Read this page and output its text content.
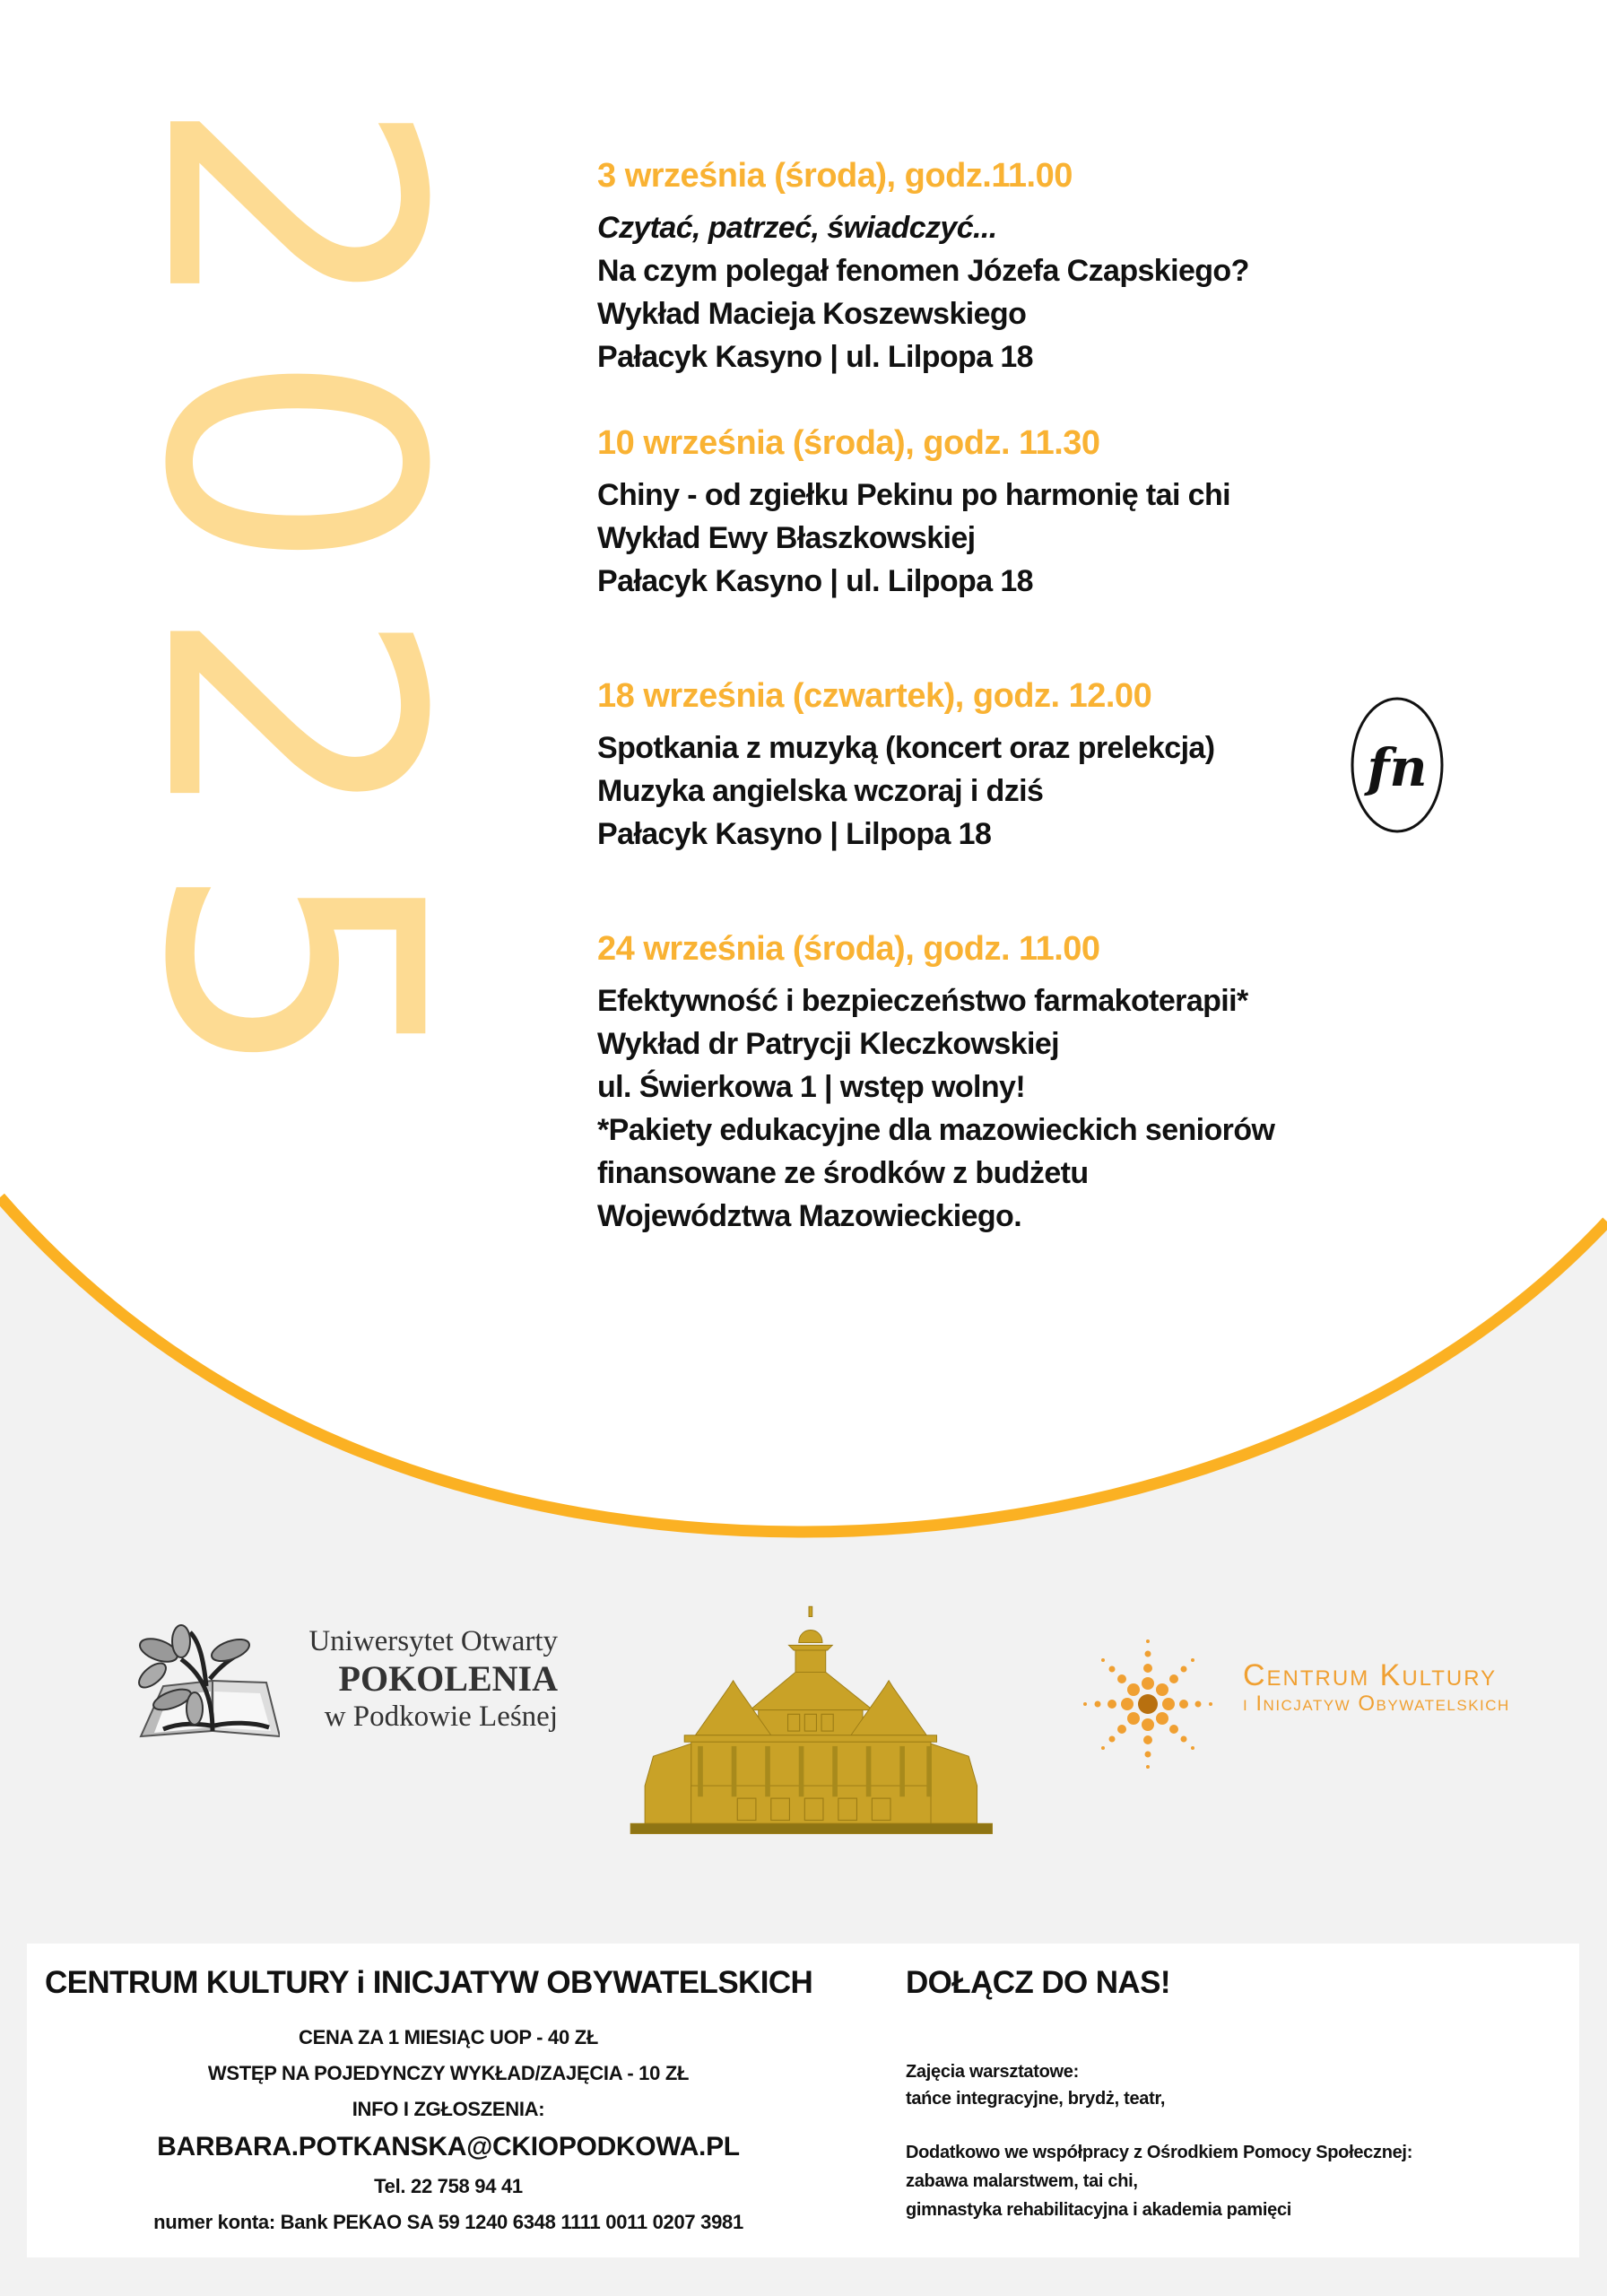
2025	3 września (środa), godz.11.00
Czytać, patrzeć, świadczyć...
Na czym polegał fenomen Józefa Czapskiego?
Wykład Macieja Koszewskiego
Pałacyk Kasyno | ul. Lilpopa 18
10 września (środa), godz. 11.30
Chiny - od zgiełku Pekinu po harmonię tai chi
Wykład Ewy Błaszkowskiej
Pałacyk Kasyno | ul. Lilpopa 18
18 września (czwartek), godz. 12.00
Spotkania z muzyką (koncert oraz prelekcja)
Muzyka angielska wczoraj i dziś
Pałacyk Kasyno | Lilpopa 18
24 września (środa), godz. 11.00
Efektywność i bezpieczeństwo farmakoterapii*
Wykład dr Patrycji Kleczkowskiej
ul. Świerkowa 1 | wstęp wolny!
*Pakiety edukacyjne dla mazowieckich seniorów
finansowane ze środków z budżetu
Województwa Mazowieckiego.
fn
Uniwersytet Otwarty
POKOLENIA
w Podkowie Leśnej
Centrum Kultury
i Inicjatyw Obywatelskich
CENTRUM KULTURY i INICJATYW OBYWATELSKICH
CENA ZA 1 MIESIĄC UOP - 40 ZŁ
WSTĘP NA POJEDYNCZY WYKŁAD/ZAJĘCIA - 10 ZŁ
INFO I ZGŁOSZENIA:
BARBARA.POTKANSKA@CKIOPODKOWA.PL
Tel. 22 758 94 41
numer konta: Bank PEKAO SA 59 1240 6348 1111 0011 0207 3981
DOŁĄCZ DO NAS!
Zajęcia warsztatowe:
tańce integracyjne, brydż, teatr,
Dodatkowo we współpracy z Ośrodkiem Pomocy Społecznej:
zabawa malarstwem, tai chi,
gimnastyka rehabilitacyjna i akademia pamięci
